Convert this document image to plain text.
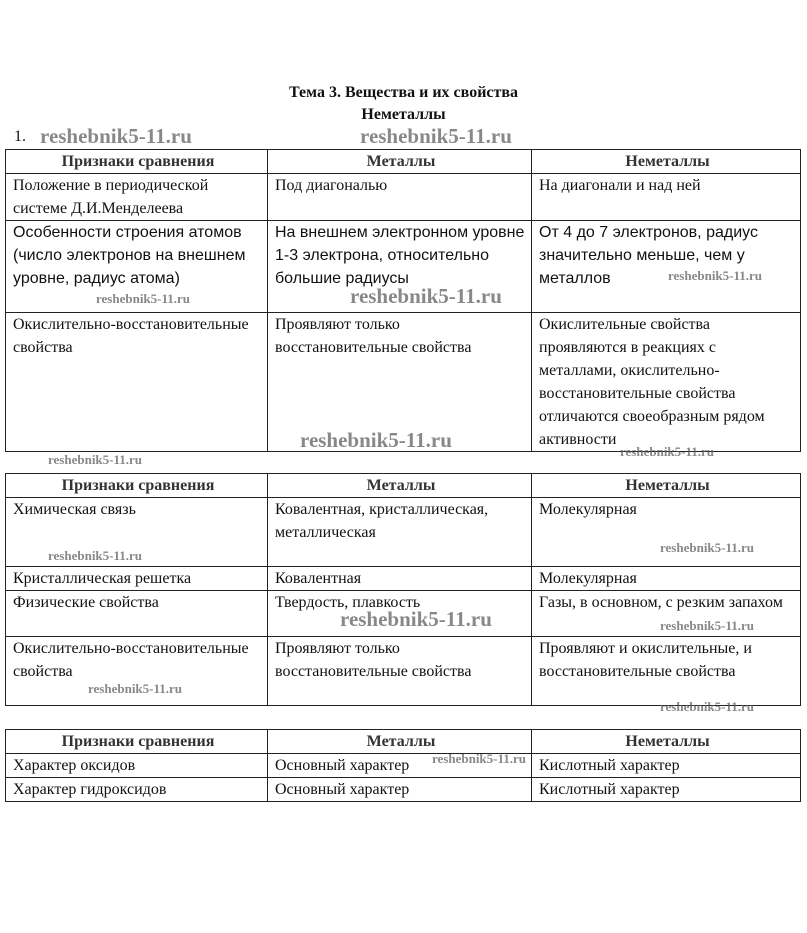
Тема 3. Вещества и их свойства
Неметаллы
1.
Признаки сравнения	Металлы	Неметаллы
Положение в периодической системе Д.И.Менделеева	Под диагональю	На диагонали и над ней
Особенности строения атомов (число электронов на внешнем уровне, радиус атома)	На внешнем электронном уровне 1-3 электрона, относительно большие радиусы	От 4 до 7 электронов, радиус значительно меньше, чем у металлов
Окислительно-восстановительные свойства	Проявляют только восстановительные свойства	Окислительные свойства проявляются в реакциях с металлами, окислительно-восстановительные свойства отличаются своеобразным рядом активности
Признаки сравнения	Металлы	Неметаллы
Химическая связь	Ковалентная, кристаллическая, металлическая	Молекулярная
Кристаллическая решетка	Ковалентная	Молекулярная
Физические свойства	Твердость, плавкость	Газы, в основном, с резким запахом
Окислительно-восстановительные свойства	Проявляют только восстановительные свойства	Проявляют и окислительные, и восстановительные свойства
Признаки сравнения	Металлы	Неметаллы
Характер оксидов	Основный характер	Кислотный характер
Характер гидроксидов	Основный характер	Кислотный характер
reshebnik5-11.ru	reshebnik5-11.ru
reshebnik5-11.ru	reshebnik5-11.ru
reshebnik5-11.ru
reshebnik5-11.ru
reshebnik5-11.ru
reshebnik5-11.ru
reshebnik5-11.ru
reshebnik5-11.ru
reshebnik5-11.ru	reshebnik5-11.ru
reshebnik5-11.ru
reshebnik5-11.ru
reshebnik5-11.ru
